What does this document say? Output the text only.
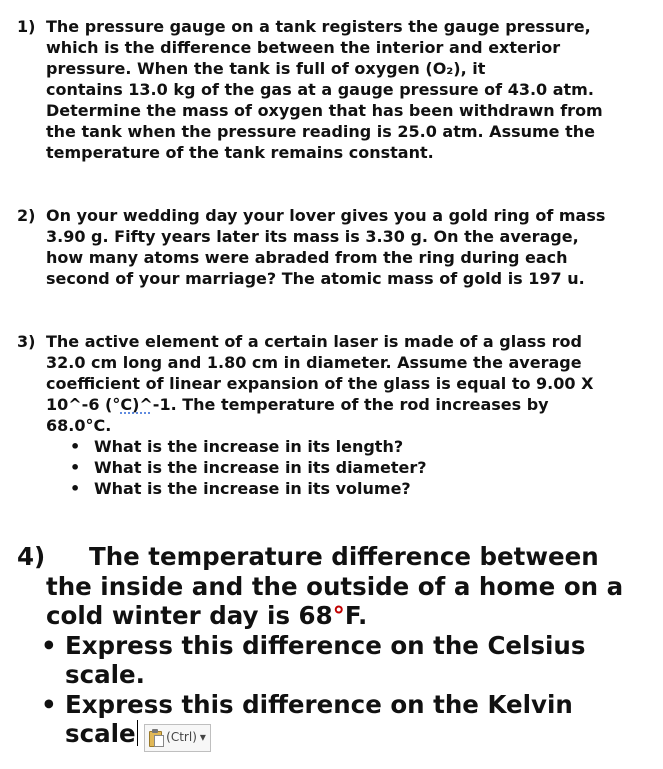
1) The pressure gauge on a tank registers the gauge pressure,
which is the difference between the interior and exterior
pressure. When the tank is full of oxygen (O₂), it
contains 13.0 kg of the gas at a gauge pressure of 43.0 atm.
Determine the mass of oxygen that has been withdrawn from
the tank when the pressure reading is 25.0 atm. Assume the
temperature of the tank remains constant.
2) On your wedding day your lover gives you a gold ring of mass
3.90 g. Fifty years later its mass is 3.30 g. On the average,
how many atoms were abraded from the ring during each
second of your marriage? The atomic mass of gold is 197 u.
3) The active element of a certain laser is made of a glass rod
32.0 cm long and 1.80 cm in diameter. Assume the average
coefficient of linear expansion of the glass is equal to 9.00 X
10^-6 (°C)^-1. The temperature of the rod increases by
68.0°C.
• What is the increase in its length?
• What is the increase in its diameter?
• What is the increase in its volume?
4) The temperature difference between
the inside and the outside of a home on a
cold winter day is 68°F.
• Express this difference on the Celsius
scale.
• Express this difference on the Kelvin
scale	(Ctrl) ▾
